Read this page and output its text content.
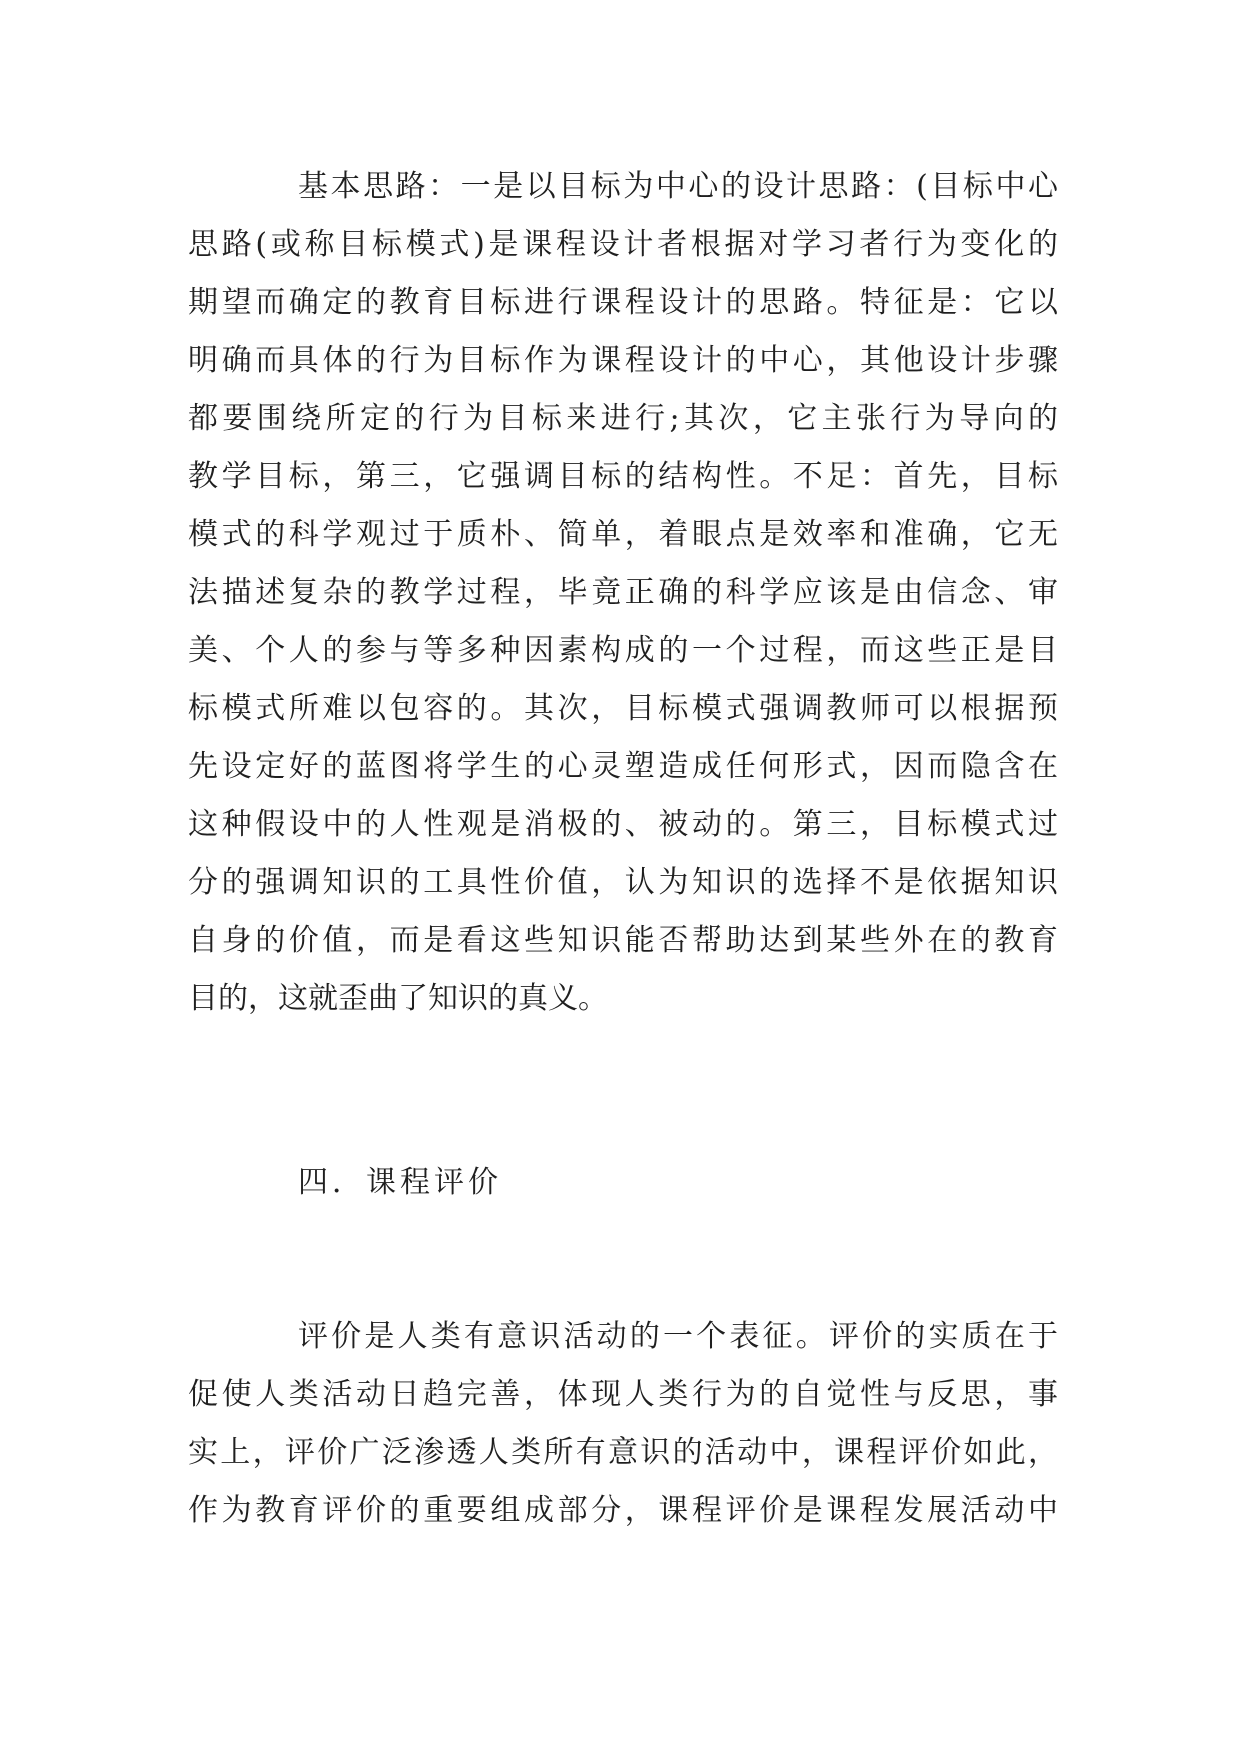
基本思路：一是以目标为中心的设计思路：(目标中心
思路(或称目标模式)是课程设计者根据对学习者行为变化的
期望而确定的教育目标进行课程设计的思路。特征是：它以
明确而具体的行为目标作为课程设计的中心，其他设计步骤
都要围绕所定的行为目标来进行;其次，它主张行为导向的
教学目标，第三，它强调目标的结构性。不足：首先，目标
模式的科学观过于质朴、简单，着眼点是效率和准确，它无
法描述复杂的教学过程，毕竟正确的科学应该是由信念、审
美、个人的参与等多种因素构成的一个过程，而这些正是目
标模式所难以包容的。其次，目标模式强调教师可以根据预
先设定好的蓝图将学生的心灵塑造成任何形式，因而隐含在
这种假设中的人性观是消极的、被动的。第三，目标模式过
分的强调知识的工具性价值，认为知识的选择不是依据知识
自身的价值，而是看这些知识能否帮助达到某些外在的教育
目的，这就歪曲了知识的真义。
四．课程评价
评价是人类有意识活动的一个表征。评价的实质在于
促使人类活动日趋完善，体现人类行为的自觉性与反思，事
实上，评价广泛渗透人类所有意识的活动中，课程评价如此，
作为教育评价的重要组成部分，课程评价是课程发展活动中
